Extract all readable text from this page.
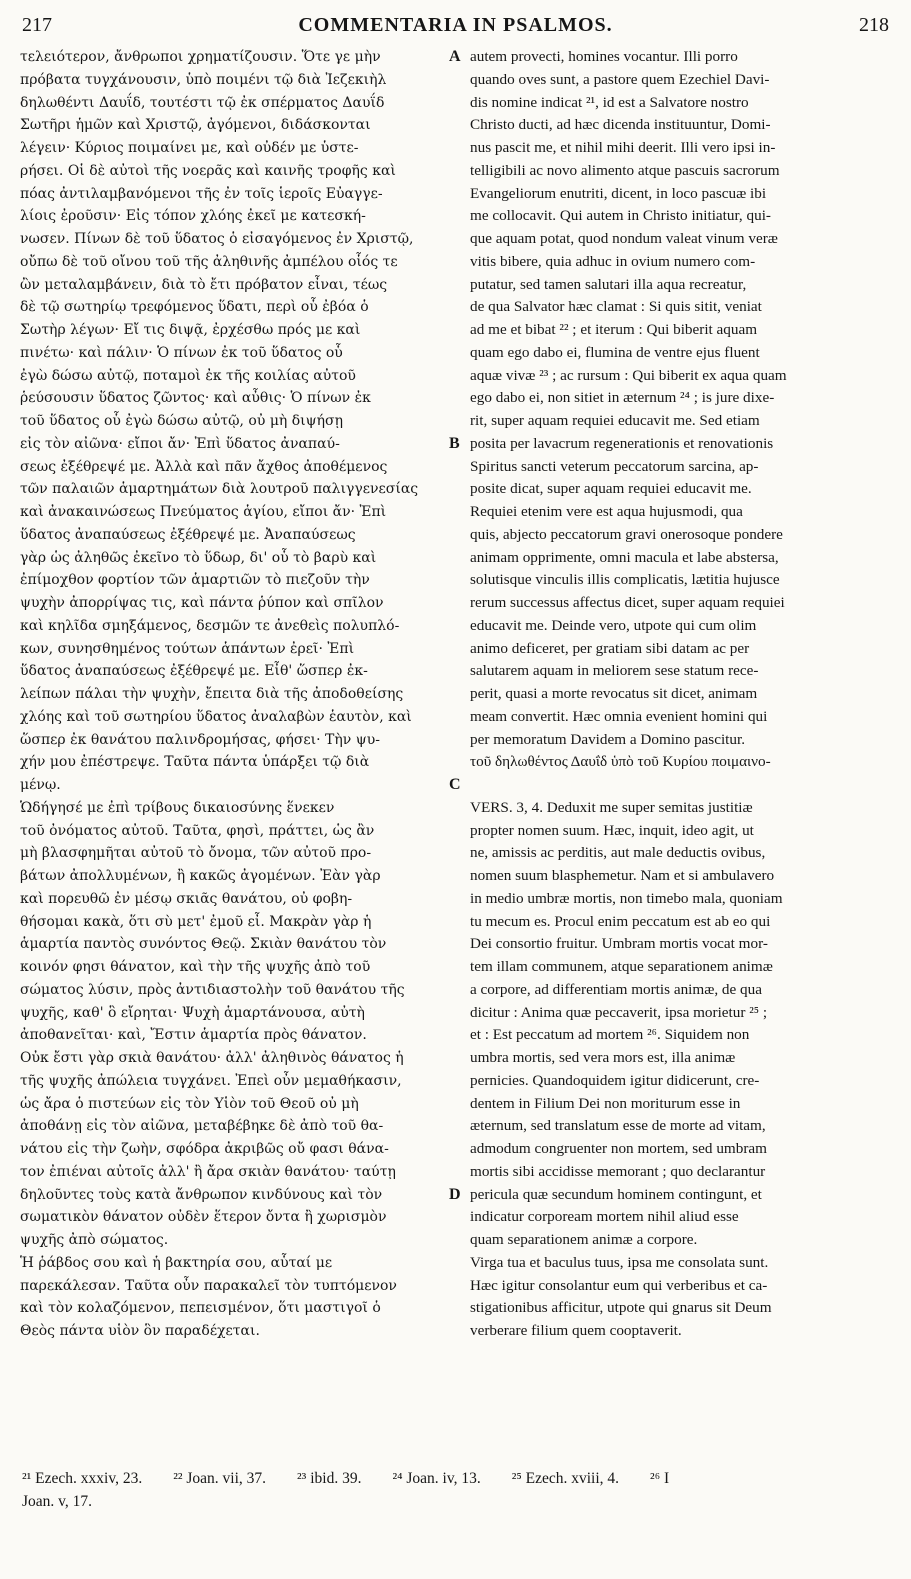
217	COMMENTARIA IN PSALMOS.	218
τελειότερον, ἄνθρωποι χρηματίζουσιν. Ὅτε γε μὴν
πρόβατα τυγχάνουσιν, ὑπὸ ποιμένι τῷ διὰ Ἰεζεκιὴλ
δηλωθέντι Δαυΐδ, τουτέστι τῷ ἐκ σπέρματος Δαυΐδ
Σωτῆρι ἡμῶν καὶ Χριστῷ, ἀγόμενοι, διδάσκονται
λέγειν· Κύριος ποιμαίνει με, καὶ οὐδέν με ὑστε-
ρήσει. Οἱ δὲ αὐτοὶ τῆς νοερᾶς καὶ καινῆς τροφῆς καὶ
πόας ἀντιλαμβανόμενοι τῆς ἐν τοῖς ἱεροῖς Εὐαγγε-
λίοις ἐροῦσιν· Εἰς τόπον χλόης ἐκεῖ με κατεσκή-
νωσεν. Πίνων δὲ τοῦ ὕδατος ὁ εἰσαγόμενος ἐν Χριστῷ,
οὔπω δὲ τοῦ οἴνου τοῦ τῆς ἀληθινῆς ἀμπέλου οἷός τε
ὢν μεταλαμβάνειν, διὰ τὸ ἔτι πρόβατον εἶναι, τέως
δὲ τῷ σωτηρίῳ τρεφόμενος ὕδατι, περὶ οὗ ἐβόα ὁ
Σωτὴρ λέγων· Εἴ τις διψᾷ, ἐρχέσθω πρός με καὶ
πινέτω· καὶ πάλιν· Ὁ πίνων ἐκ τοῦ ὕδατος οὗ
ἐγὼ δώσω αὐτῷ, ποταμοὶ ἐκ τῆς κοιλίας αὐτοῦ
ῥεύσουσιν ὕδατος ζῶντος· καὶ αὖθις· Ὁ πίνων ἐκ
τοῦ ὕδατος οὗ ἐγὼ δώσω αὐτῷ, οὐ μὴ διψήσῃ
εἰς τὸν αἰῶνα· εἴποι ἄν· Ἐπὶ ὕδατος ἀναπαύ-
σεως ἐξέθρεψέ με. Ἀλλὰ καὶ πᾶν ἄχθος ἀποθέμενος
τῶν παλαιῶν ἁμαρτημάτων διὰ λουτροῦ παλιγγενεσίας
καὶ ἀνακαινώσεως Πνεύματος ἁγίου, εἴποι ἄν· Ἐπὶ
ὕδατος ἀναπαύσεως ἐξέθρεψέ με. Ἀναπαύσεως
γὰρ ὡς ἀληθῶς ἐκεῖνο τὸ ὕδωρ, δι' οὗ τὸ βαρὺ καὶ
ἐπίμοχθον φορτίον τῶν ἁμαρτιῶν τὸ πιεζοῦν τὴν
ψυχὴν ἀπορρίψας τις, καὶ πάντα ῥύπον καὶ σπῖλον
καὶ κηλῖδα σμηξάμενος, δεσμῶν τε ἀνεθεὶς πολυπλό-
κων, συνησθημένος τούτων ἁπάντων ἐρεῖ· Ἐπὶ
ὕδατος ἀναπαύσεως ἐξέθρεψέ με. Εἶθ' ὥσπερ ἐκ-
λείπων πάλαι τὴν ψυχὴν, ἔπειτα διὰ τῆς ἀποδοθείσης
χλόης καὶ τοῦ σωτηρίου ὕδατος ἀναλαβὼν ἑαυτὸν, καὶ
ὥσπερ ἐκ θανάτου παλινδρομήσας, φήσει· Τὴν ψυ-
χήν μου ἐπέστρεψε. Ταῦτα πάντα ὑπάρξει τῷ διὰ
μένῳ.
Ὡδήγησέ με ἐπὶ τρίβους δικαιοσύνης ἕνεκεν
τοῦ ὀνόματος αὐτοῦ. Ταῦτα, φησὶ, πράττει, ὡς ἂν
μὴ βλασφημῆται αὐτοῦ τὸ ὄνομα, τῶν αὐτοῦ προ-
βάτων ἀπολλυμένων, ἢ κακῶς ἀγομένων. Ἐὰν γὰρ
καὶ πορευθῶ ἐν μέσῳ σκιᾶς θανάτου, οὐ φοβη-
θήσομαι κακὰ, ὅτι σὺ μετ' ἐμοῦ εἶ. Μακρὰν γὰρ ἡ
ἁμαρτία παντὸς συνόντος Θεῷ. Σκιὰν θανάτου τὸν
κοινόν φησι θάνατον, καὶ τὴν τῆς ψυχῆς ἀπὸ τοῦ
σώματος λύσιν, πρὸς ἀντιδιαστολὴν τοῦ θανάτου τῆς
ψυχῆς, καθ' ὃ εἴρηται· Ψυχὴ ἁμαρτάνουσα, αὐτὴ
ἀποθανεῖται· καὶ, Ἔστιν ἁμαρτία πρὸς θάνατον.
Οὐκ ἔστι γὰρ σκιὰ θανάτου· ἀλλ' ἀληθινὸς θάνατος ἡ
τῆς ψυχῆς ἀπώλεια τυγχάνει. Ἐπεὶ οὖν μεμαθήκασιν,
ὡς ἄρα ὁ πιστεύων εἰς τὸν Υἱὸν τοῦ Θεοῦ οὐ μὴ
ἀποθάνῃ εἰς τὸν αἰῶνα, μεταβέβηκε δὲ ἀπὸ τοῦ θα-
νάτου εἰς τὴν ζωὴν, σφόδρα ἀκριβῶς οὔ φασι θάνα-
τον ἐπιέναι αὐτοῖς ἀλλ' ἢ ἄρα σκιὰν θανάτου· ταύτῃ
δηλοῦντες τοὺς κατὰ ἄνθρωπον κινδύνους καὶ τὸν
σωματικὸν θάνατον οὐδὲν ἕτερον ὄντα ἢ χωρισμὸν
ψυχῆς ἀπὸ σώματος.
Ἡ ῥάβδος σου καὶ ἡ βακτηρία σου, αὗταί με
παρεκάλεσαν. Ταῦτα οὖν παρακαλεῖ τὸν τυπτόμενον
καὶ τὸν κολαζόμενον, πεπεισμένον, ὅτι μαστιγοῖ ὁ
Θεὸς πάντα υἱὸν ὃν παραδέχεται.
autem provecti, homines vocantur. Illi porro
quando oves sunt, a pastore quem Ezechiel Davi-
dis nomine indicat ²¹, id est a Salvatore nostro
Christo ducti, ad hæc dicenda instituuntur, Domi-
nus pascit me, et nihil mihi deerit. Illi vero ipsi in-
telligibili ac novo alimento atque pascuis sacrorum
Evangeliorum enutriti, dicent, in loco pascuæ ibi
me collocavit. Qui autem in Christo initiatur, qui-
que aquam potat, quod nondum valeat vinum veræ
vitis bibere, quia adhuc in ovium numero com-
putatur, sed tamen salutari illa aqua recreatur,
de qua Salvator hæc clamat : Si quis sitit, veniat
ad me et bibat ²² ; et iterum : Qui biberit aquam
quam ego dabo ei, flumina de ventre ejus fluent
aquæ vivæ ²³ ; ac rursum : Qui biberit ex aqua quam
ego dabo ei, non sitiet in æternum ²⁴ ; is jure dixe-
rit, super aquam requiei educavit me. Sed etiam
posita per lavacrum regenerationis et renovationis
Spiritus sancti veterum peccatorum sarcina, ap-
posite dicat, super aquam requiei educavit me.
Requiei etenim vere est aqua hujusmodi, qua
quis, abjecto peccatorum gravi onerosoque pondere
animam opprimente, omni macula et labe abstersa,
solutisque vinculis illis complicatis, lætitia hujusce
rerum successus affectus dicet, super aquam requiei
educavit me. Deinde vero, utpote qui cum olim
animo deficeret, per gratiam sibi datam ac per
salutarem aquam in meliorem sese statum rece-
perit, quasi a morte revocatus sit dicet, animam
meam convertit. Hæc omnia evenient homini qui
per memoratum Davidem a Domino pascitur.
τοῦ δηλωθέντος Δαυΐδ ὑπὸ τοῦ Κυρίου ποιμαινο-

VERS. 3, 4. Deduxit me super semitas justitiæ
propter nomen suum. Hæc, inquit, ideo agit, ut
ne, amissis ac perditis, aut male deductis ovibus,
nomen suum blasphemetur. Nam et si ambulavero
in medio umbræ mortis, non timebo mala, quoniam
tu mecum es. Procul enim peccatum est ab eo qui
Dei consortio fruitur. Umbram mortis vocat mor-
tem illam communem, atque separationem animæ
a corpore, ad differentiam mortis animæ, de qua
dicitur : Anima quæ peccaverit, ipsa morietur ²⁵ ;
et : Est peccatum ad mortem ²⁶. Siquidem non
umbra mortis, sed vera mors est, illa animæ
pernicies. Quandoquidem igitur didicerunt, cre-
dentem in Filium Dei non moriturum esse in
æternum, sed translatum esse de morte ad vitam,
admodum congruenter non mortem, sed umbram
mortis sibi accidisse memorant ; quo declarantur
pericula quæ secundum hominem contingunt, et
indicatur corpoream mortem nihil aliud esse
quam separationem animæ a corpore.
Virga tua et baculus tuus, ipsa me consolata sunt.
Hæc igitur consolantur eum qui verberibus et ca-
stigationibus afficitur, utpote qui gnarus sit Deum
verberare filium quem cooptaverit.
A
B
C
D
²¹ Ezech. xxxiv, 23.   ²² Joan. vii, 37.   ²³ ibid. 39.   ²⁴ Joan. iv, 13.   ²⁵ Ezech. xviii, 4.   ²⁶ I
Joan. v, 17.
